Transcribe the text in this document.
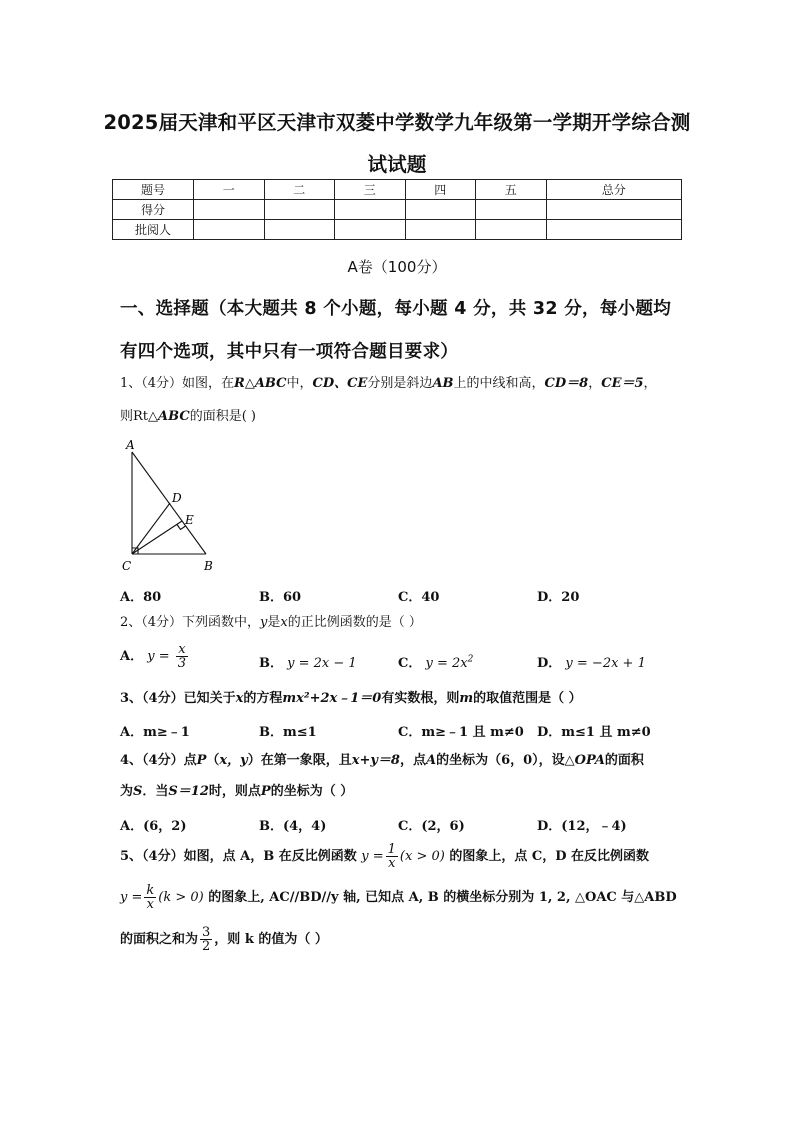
2025届天津和平区天津市双菱中学数学九年级第一学期开学综合测
试试题
题号	一	二	三	四	五	总分
得分						
批阅人						
A卷（100分）
一、选择题（本大题共 8 个小题，每小题 4 分，共 32 分，每小题均
有四个选项，其中只有一项符合题目要求）
1、（4分）如图，在R△ABC中，CD、CE分别是斜边AB上的中线和高，CD＝8，CE＝5，
则Rt△ABC的面积是( )
A
D
E
C	B
A．80	B．60	C．40	D．20
2、（4分）下列函数中，y是x的正比例函数的是（ ）
A． $y = \frac{x}{3}$	B． y = 2x − 1	C． $y = 2x^2$	D． y = −2x + 1
3、（4分）已知关于x的方程mx²+2x﹣1＝0有实数根，则m的取值范围是（ ）
A．m≥﹣1	B．m≤1	C．m≥﹣1 且 m≠0 D．m≤1 且 m≠0
4、（4分）点P（x，y）在第一象限，且x+y＝8，点A的坐标为（6，0），设△OPA的面积
为S．当S＝12时，则点P的坐标为（ ）
A．(6，2)	B．(4，4)	C．(2，6)	D．(12，﹣4)
5、（4分）如图，点 A，B 在反比例函数 $y = \frac{1}{x} (x > 0)$ 的图象上，点 C，D 在反比例函数
$y = \frac{k}{x} (k > 0)$ 的图象上, AC//BD//y 轴, 已知点 A, B 的横坐标分别为 1, 2, △OAC 与△ABD
的面积之和为 $\frac{3}{2}$ ，则 k 的值为（ ）
